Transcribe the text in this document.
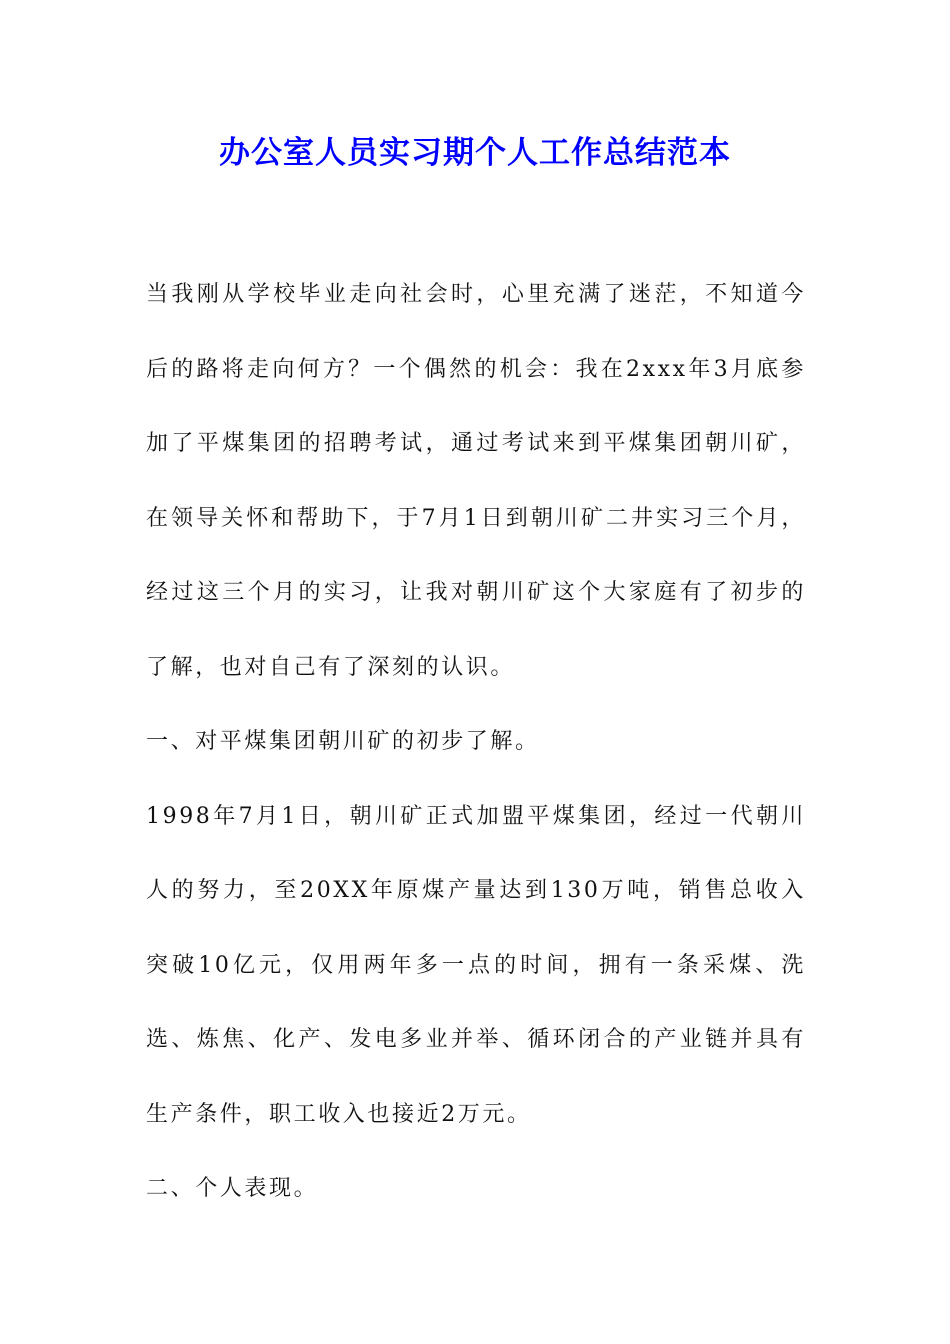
办公室人员实习期个人工作总结范本

当我刚从学校毕业走向社会时，心里充满了迷茫，不知道今后的路将走向何方？一个偶然的机会：我在2xxx年3月底参加了平煤集团的招聘考试，通过考试来到平煤集团朝川矿，在领导关怀和帮助下，于7月1日到朝川矿二井实习三个月，经过这三个月的实习，让我对朝川矿这个大家庭有了初步的了解，也对自己有了深刻的认识。

一、对平煤集团朝川矿的初步了解。

1998年7月1日，朝川矿正式加盟平煤集团，经过一代朝川人的努力，至20XX年原煤产量达到130万吨，销售总收入突破10亿元，仅用两年多一点的时间，拥有一条采煤、洗选、炼焦、化产、发电多业并举、循环闭合的产业链并具有生产条件，职工收入也接近2万元。

二、个人表现。
